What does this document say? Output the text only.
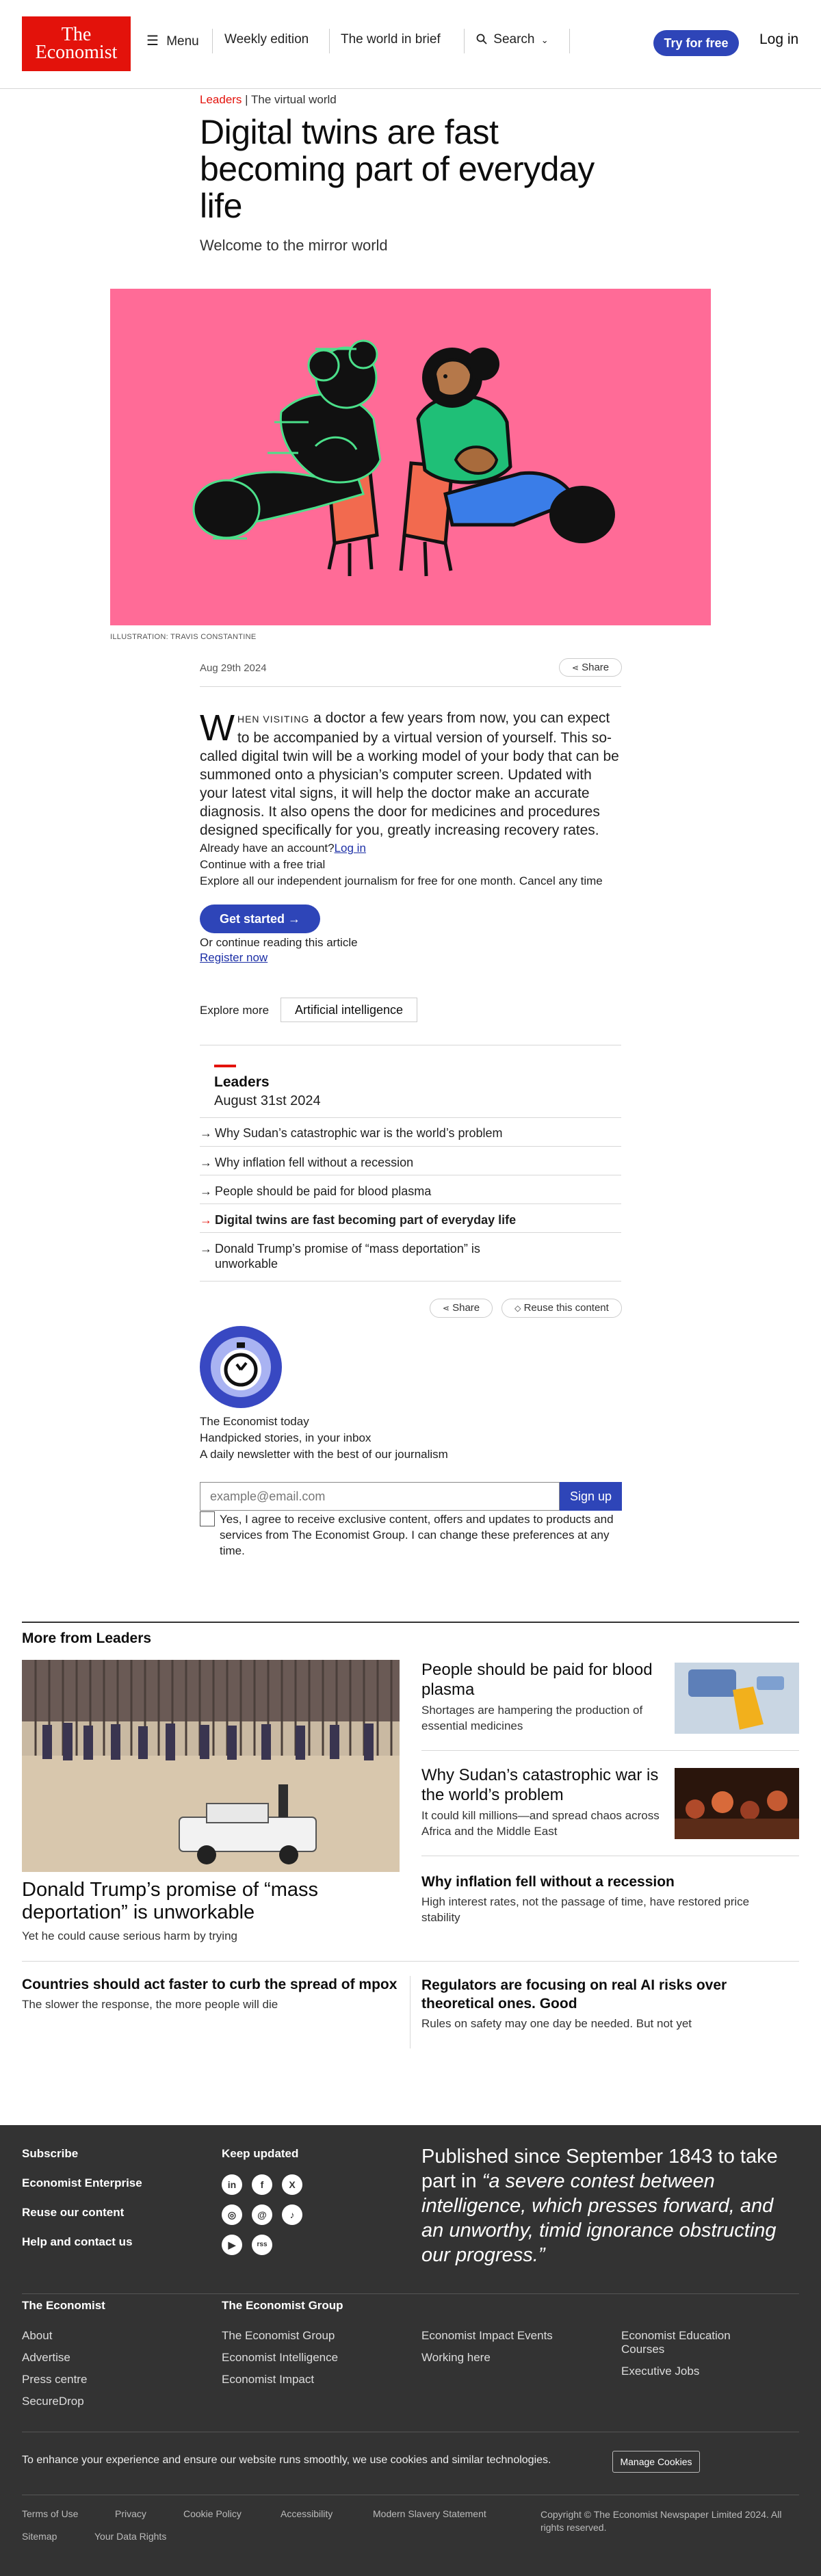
The
Economist
☰ Menu Weekly edition The world in brief	Search ⌄	Try for free	Log in
Leaders | The virtual world
Digital twins are fast becoming part of everyday life
Welcome to the mirror world
ILLUSTRATION: TRAVIS CONSTANTINE
Aug 29th 2024	⋖ Share
WHEN VISITING a doctor a few years from now, you can expect to be accompanied by a virtual version of yourself. This so-called digital twin will be a working model of your body that can be summoned onto a physician’s computer screen. Updated with your latest vital signs, it will help the doctor make an accurate diagnosis. It also opens the door for medicines and procedures designed specifically for you, greatly increasing recovery rates.
Already have an account?Log in
Continue with a free trial
Explore all our independent journalism for free for one month. Cancel any time
Get started →
Or continue reading this article
Register now
Explore more	Artificial intelligence
Leaders
August 31st 2024
→ Why Sudan’s catastrophic war is the world’s problem
→ Why inflation fell without a recession
→ People should be paid for blood plasma
→ Digital twins are fast becoming part of everyday life
→ Donald Trump’s promise of “mass deportation” is unworkable
⋖ Share	◇ Reuse this content
The Economist today
Handpicked stories, in your inbox
A daily newsletter with the best of our journalism
example@email.com	Sign up
Yes, I agree to receive exclusive content, offers and updates to products and services from The Economist Group. I can change these preferences at any time.
More from Leaders
Donald Trump’s promise of “mass deportation” is unworkable
Yet he could cause serious harm by trying
People should be paid for blood plasma
Shortages are hampering the production of essential medicines
Why Sudan’s catastrophic war is the world’s problem
It could kill millions—and spread chaos across Africa and the Middle East
Why inflation fell without a recession
High interest rates, not the passage of time, have restored price stability
Countries should act faster to curb the spread of mpox
The slower the response, the more people will die
Regulators are focusing on real AI risks over theoretical ones. Good
Rules on safety may one day be needed. But not yet
Subscribe
Economist Enterprise
Reuse our content
Help and contact us
Keep updated
in	f	X
◎	@	♪
▶	rss
Published since September 1843 to take part in “a severe contest between intelligence, which presses forward, and an unworthy, timid ignorance obstructing our progress.”
The Economist
About
Advertise
Press centre
SecureDrop
The Economist Group
The Economist Group
Economist Intelligence
Economist Impact
Economist Impact Events
Working here
Economist Education Courses
Executive Jobs
To enhance your experience and ensure our website runs smoothly, we use cookies and similar technologies.	Manage Cookies
Terms of Use	Privacy	Cookie Policy	Accessibility	Modern Slavery Statement
Sitemap	Your Data Rights
Copyright © The Economist Newspaper Limited 2024. All rights reserved.
